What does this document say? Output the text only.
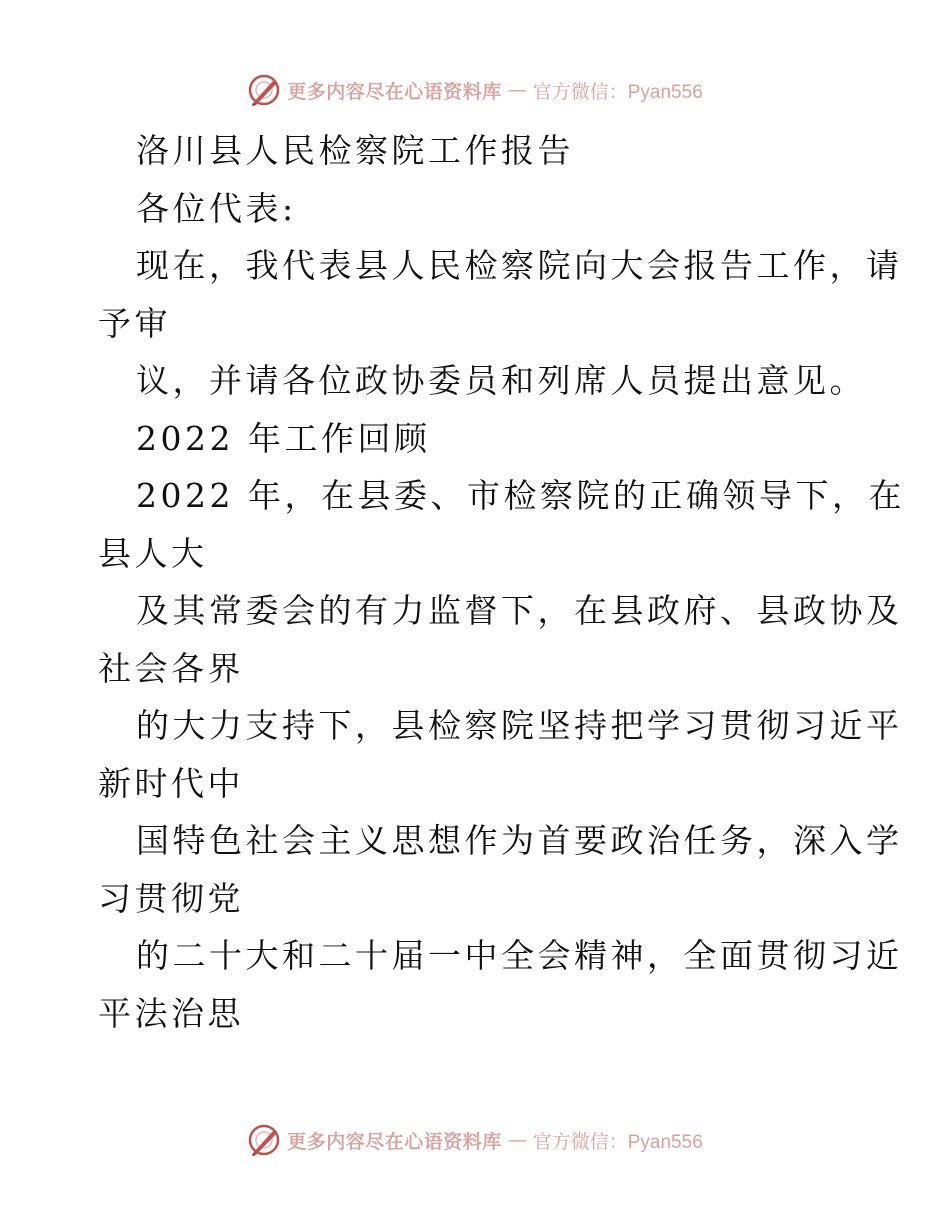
更多内容尽在心语资料库 — 官方微信：Pyan556
洛川县人民检察院工作报告
各位代表:
现在，我代表县人民检察院向大会报告工作，请
予审
议，并请各位政协委员和列席人员提出意见。
2022 年工作回顾
2022 年，在县委、市检察院的正确领导下，在
县人大
及其常委会的有力监督下，在县政府、县政协及
社会各界
的大力支持下，县检察院坚持把学习贯彻习近平
新时代中
国特色社会主义思想作为首要政治任务，深入学
习贯彻党
的二十大和二十届一中全会精神，全面贯彻习近
平法治思
更多内容尽在心语资料库 — 官方微信：Pyan556
